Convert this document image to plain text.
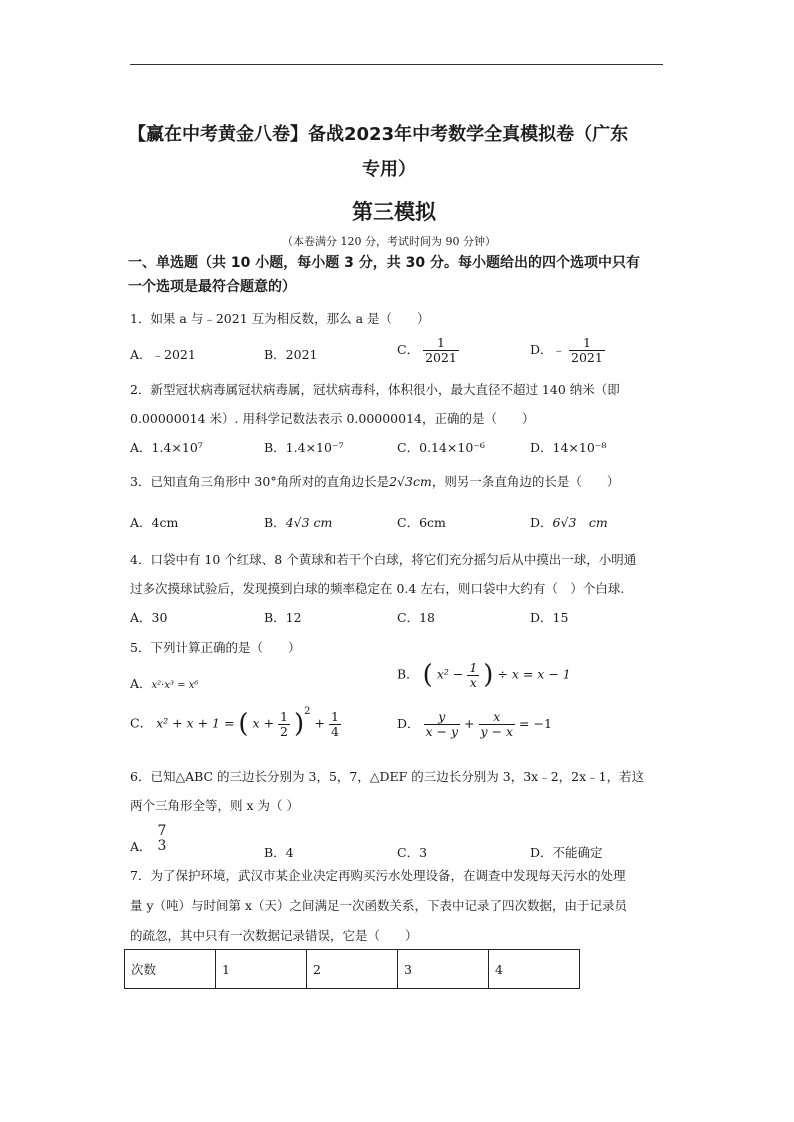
【赢在中考黄金八卷】备战2023年中考数学全真模拟卷（广东
专用）
第三模拟
（本卷满分 120 分，考试时间为 90 分钟）
一、单选题（共 10 小题，每小题 3 分，共 30 分。每小题给出的四个选项中只有
一个选项是最符合题意的）
1．如果 a 与﹣2021 互为相反数，那么 a 是（　　）
A．﹣2021	B．2021	C． $\frac{1}{2021}$	D．﹣ $\frac{1}{2021}$
2．新型冠状病毒属冠状病毒属，冠状病毒科，体积很小，最大直径不超过 140 纳米（即
0.00000014 米）. 用科学记数法表示 0.00000014，正确的是（　　）
A．1.4×10⁷	B．1.4×10⁻⁷	C．0.14×10⁻⁶	D．14×10⁻⁸
3．已知直角三角形中 30°角所对的直角边长是2√3cm，则另一条直角边的长是（　　）
A．4cm	B．4√3 cm	C．6cm	D．6√3　cm
4．口袋中有 10 个红球、8 个黄球和若干个白球，将它们充分摇匀后从中摸出一球，小明通
过多次摸球试验后，发现摸到白球的频率稳定在 0.4 左右，则口袋中大约有（　）个白球.
A．30	B．12	C．18	D．15
5．下列计算正确的是（　　）
A．x²·x³ = x⁶
B． ( $x^2 - \frac{1}{x}$ ) ÷ x = x − 1
C． x² + x + 1 = ( $x + \frac{1}{2} )^2 + \frac{1}{4}$	D． $\frac{y}{x - y} + \frac{x}{y - x} = -1$
6．已知△ABC 的三边长分别为 3，5，7，△DEF 的三边长分别为 3，3x﹣2，2x﹣1，若这
两个三角形全等，则 x 为（ ）
A．
7
3	B．4	C．3	D．不能确定
7．为了保护环境，武汉市某企业决定再购买污水处理设备，在调查中发现每天污水的处理
量 y（吨）与时间第 x（天）之间满足一次函数关系，下表中记录了四次数据，由于记录员
的疏忽，其中只有一次数据记录错误，它是（　　）
次数	1	2	3	4
